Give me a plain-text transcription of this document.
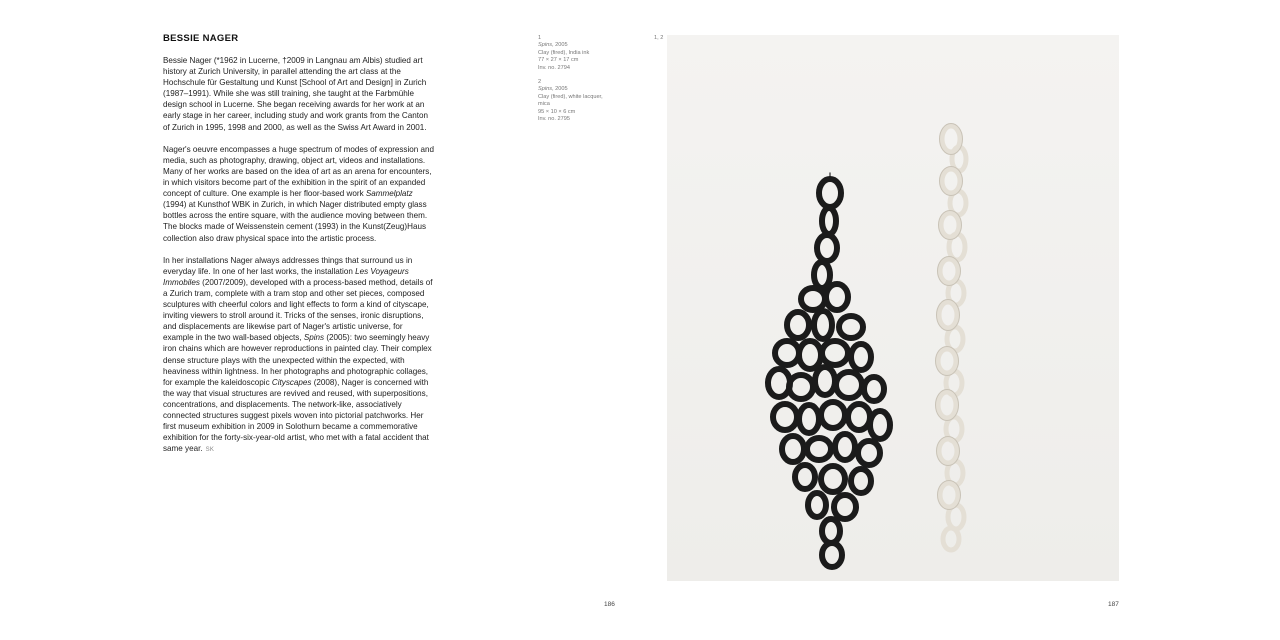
BESSIE NAGER

Bessie Nager (*1962 in Lucerne, †2009 in Langnau am Albis) studied art history at Zurich University, in parallel attending the art class at the Hochschule für Gestaltung und Kunst [School of Art and Design] in Zurich (1987–1991). While she was still training, she taught at the Farbmühle design school in Lucerne. She began receiving awards for her work at an early stage in her career, including study and work grants from the Canton of Zurich in 1995, 1998 and 2000, as well as the Swiss Art Award in 2001.

Nager's oeuvre encompasses a huge spectrum of modes of expression and media, such as photography, drawing, object art, videos and installations. Many of her works are based on the idea of art as an arena for encounters, in which visitors become part of the exhibition in the spirit of an expanded concept of culture. One example is her floor-based work Sammelplatz (1994) at Kunsthof WBK in Zurich, in which Nager distributed empty glass bottles across the entire square, with the audience moving between them. The blocks made of Weissenstein cement (1993) in the Kunst(Zeug)Haus collection also draw physical space into the artistic process.

In her installations Nager always addresses things that surround us in everyday life. In one of her last works, the installation Les Voyageurs Immobiles (2007/2009), developed with a process-based method, details of a Zurich tram, complete with a tram stop and other set pieces, composed sculptures with cheerful colors and light effects to form a kind of cityscape, inviting viewers to stroll around it. Tricks of the senses, ironic disruptions, and displacements are likewise part of Nager's artistic universe, for example in the two wall-based objects, Spins (2005): two seemingly heavy iron chains which are however reproductions in painted clay. Their complex dense structure plays with the unexpected within the expected, with heaviness within lightness. In her photographs and photographic collages, for example the kaleidoscopic Cityscapes (2008), Nager is concerned with the way that visual structures are revived and reused, with superpositions, concentrations, and displacements. The network-like, associatively connected structures suggest pixels woven into pictorial patchworks. Her first museum exhibition in 2009 in Solothurn became a commemorative exhibition for the forty-six-year-old artist, who met with a fatal accident that same year. SK

1
Spins, 2005
Clay (fired), India ink
77 × 27 × 17 cm
Inv. no. 2794
2
Spins, 2005
Clay (fired), white lacquer,
mica
95 × 10 × 6 cm
Inv. no. 2795
1, 2
186	187
